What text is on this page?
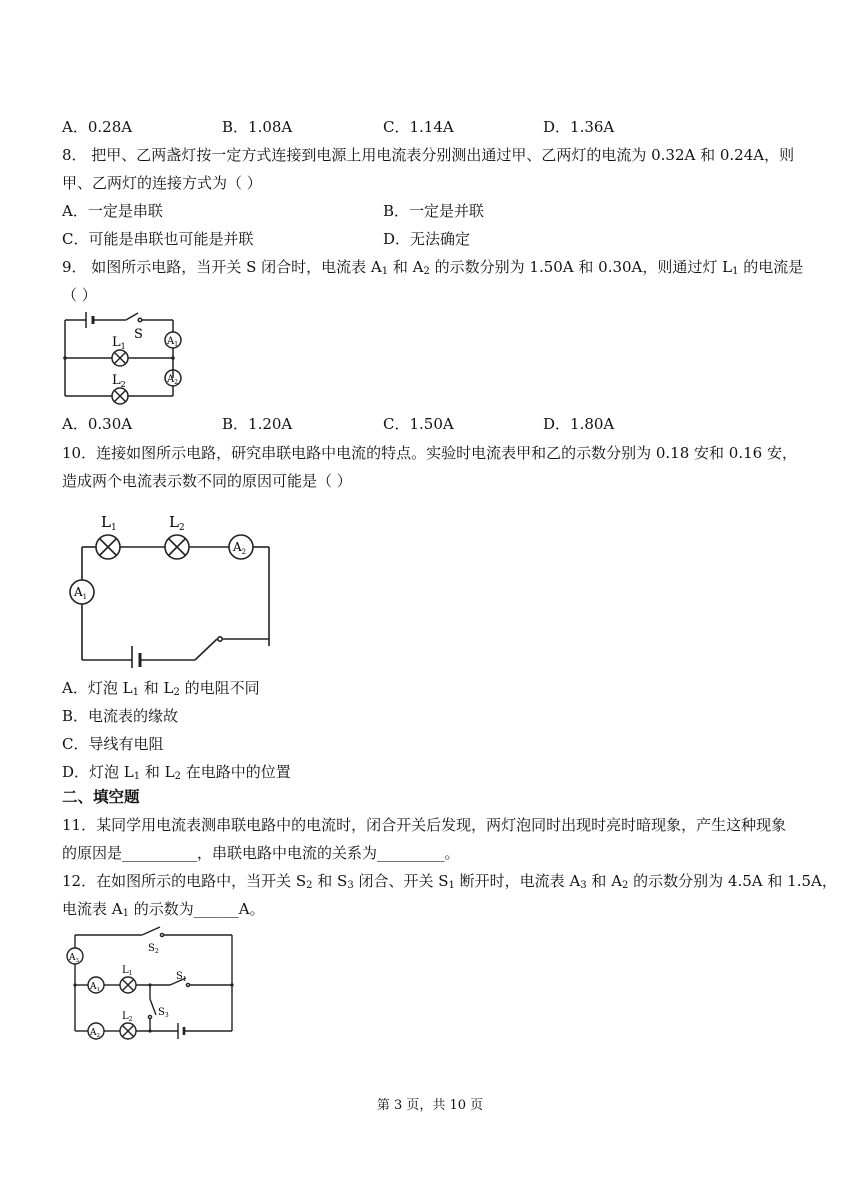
A．0.28A	B．1.08A	C．1.14A	D．1.36A
8． 把甲、乙两盏灯按一定方式连接到电源上用电流表分别测出通过甲、乙两灯的电流为 0.32A 和 0.24A，则
甲、乙两灯的连接方式为（ ）
A．一定是串联	B．一定是并联
C．可能是串联也可能是并联	D．无法确定
9． 如图所示电路，当开关 S 闭合时，电流表 $A_1$ 和 $A_2$ 的示数分别为 1.50A 和 0.30A，则通过灯 $L_1$ 的电流是
（ ）
S
$L_1$
$L_2$
$A_1$
$A_2$
A．0.30A	B．1.20A	C．1.50A	D．1.80A
10．连接如图所示电路，研究串联电路中电流的特点。实验时电流表甲和乙的示数分别为 0.18 安和 0.16 安，
造成两个电流表示数不同的原因可能是（ ）
$L_1$	$L_2$
$A_2$
$A_1$
A．灯泡 $L_1$ 和 $L_2$ 的电阻不同
B．电流表的缘故
C．导线有电阻
D．灯泡 $L_1$ 和 $L_2$ 在电路中的位置
二、填空题
11．某同学用电流表测串联电路中的电流时，闭合开关后发现，两灯泡同时出现时亮时暗现象，产生这种现象
的原因是__________，串联电路中电流的关系为_________。
12．在如图所示的电路中，当开关 $S_2$ 和 $S_3$ 闭合、开关 $S_1$ 断开时，电流表 $A_3$ 和 $A_2$ 的示数分别为 4.5A 和 1.5A，
电流表 $A_1$ 的示数为______A。
$S_2$
$S_1$
$S_3$
$L_1$
$L_2$
$A_3$
$A_1$
$A_2$
第 3 页，共 10 页
